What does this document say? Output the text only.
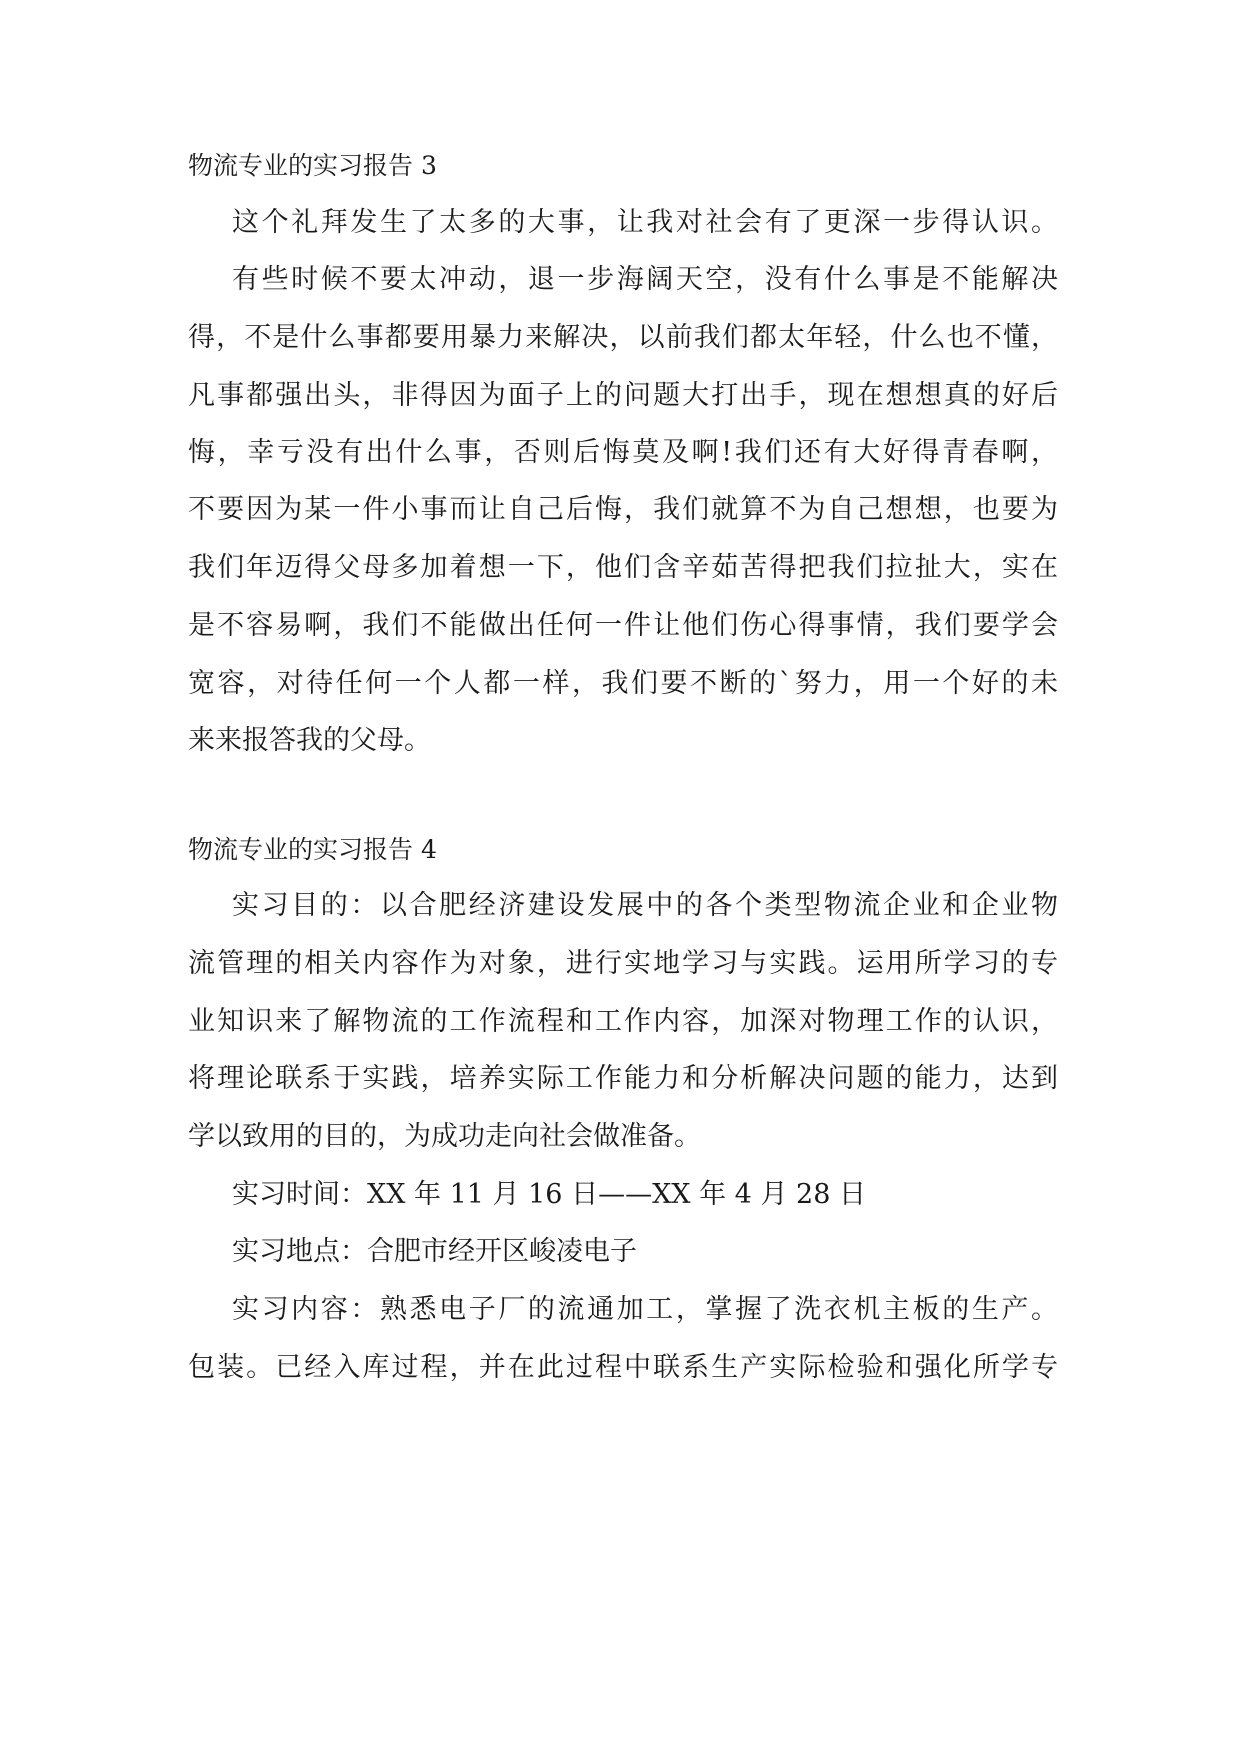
物流专业的实习报告 3
这个礼拜发生了太多的大事，让我对社会有了更深一步得认识。
有些时候不要太冲动，退一步海阔天空，没有什么事是不能解决
得，不是什么事都要用暴力来解决，以前我们都太年轻，什么也不懂，
凡事都强出头，非得因为面子上的问题大打出手，现在想想真的好后
悔，幸亏没有出什么事，否则后悔莫及啊!我们还有大好得青春啊，
不要因为某一件小事而让自己后悔，我们就算不为自己想想，也要为
我们年迈得父母多加着想一下，他们含辛茹苦得把我们拉扯大，实在
是不容易啊，我们不能做出任何一件让他们伤心得事情，我们要学会
宽容，对待任何一个人都一样，我们要不断的`努力，用一个好的未
来来报答我的父母。
物流专业的实习报告 4
实习目的：以合肥经济建设发展中的各个类型物流企业和企业物
流管理的相关内容作为对象，进行实地学习与实践。运用所学习的专
业知识来了解物流的工作流程和工作内容，加深对物理工作的认识，
将理论联系于实践，培养实际工作能力和分析解决问题的能力，达到
学以致用的目的，为成功走向社会做准备。
实习时间：XX 年 11 月 16 日——XX 年 4 月 28 日
实习地点：合肥市经开区峻凌电子
实习内容：熟悉电子厂的流通加工，掌握了洗衣机主板的生产。
包装。已经入库过程，并在此过程中联系生产实际检验和强化所学专
